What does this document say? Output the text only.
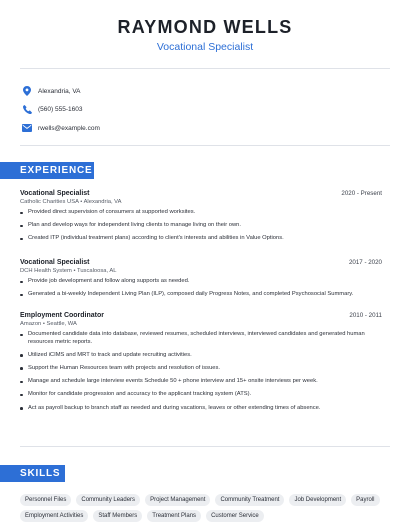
RAYMOND WELLS
Vocational Specialist
Alexandria, VA
(560) 555-1603
rwells@example.com
EXPERIENCE
Vocational Specialist	2020 - Present
Catholic Charities USA • Alexandria, VA
Provided direct supervision of consumers at supported worksites.
Plan and develop ways for independent living clients to manage living on their own.
Created ITP (individual treatment plans) according to client's interests and abilities in Value Options.
Vocational Specialist	2017 - 2020
DCH Health System • Tuscaloosa, AL
Provide job development and follow along supports as needed.
Generated a bi-weekly Independent Living Plan (ILP), composed daily Progress Notes, and completed Psychosocial Summary.
Employment Coordinator	2010 - 2011
Amazon • Seattle, WA
Documented candidate data into database, reviewed resumes, scheduled interviews, interviewed candidates and generated human resources metric reports.
Utilized iCIMS and MRT to track and update recruiting activities.
Support the Human Resources team with projects and resolution of issues.
Manage and schedule large interview events Schedule 50 + phone interview and 15+ onsite interviews per week.
Monitor for candidate progression and accuracy to the applicant tracking system (ATS).
Act as payroll backup to branch staff as needed and during vacations, leaves or other extending times of absence.
SKILLS
Personnel Files	Community Leaders	Project Management	Community Treatment	Job Development	Payroll
Employment Activities	Staff Members	Treatment Plans	Customer Service
